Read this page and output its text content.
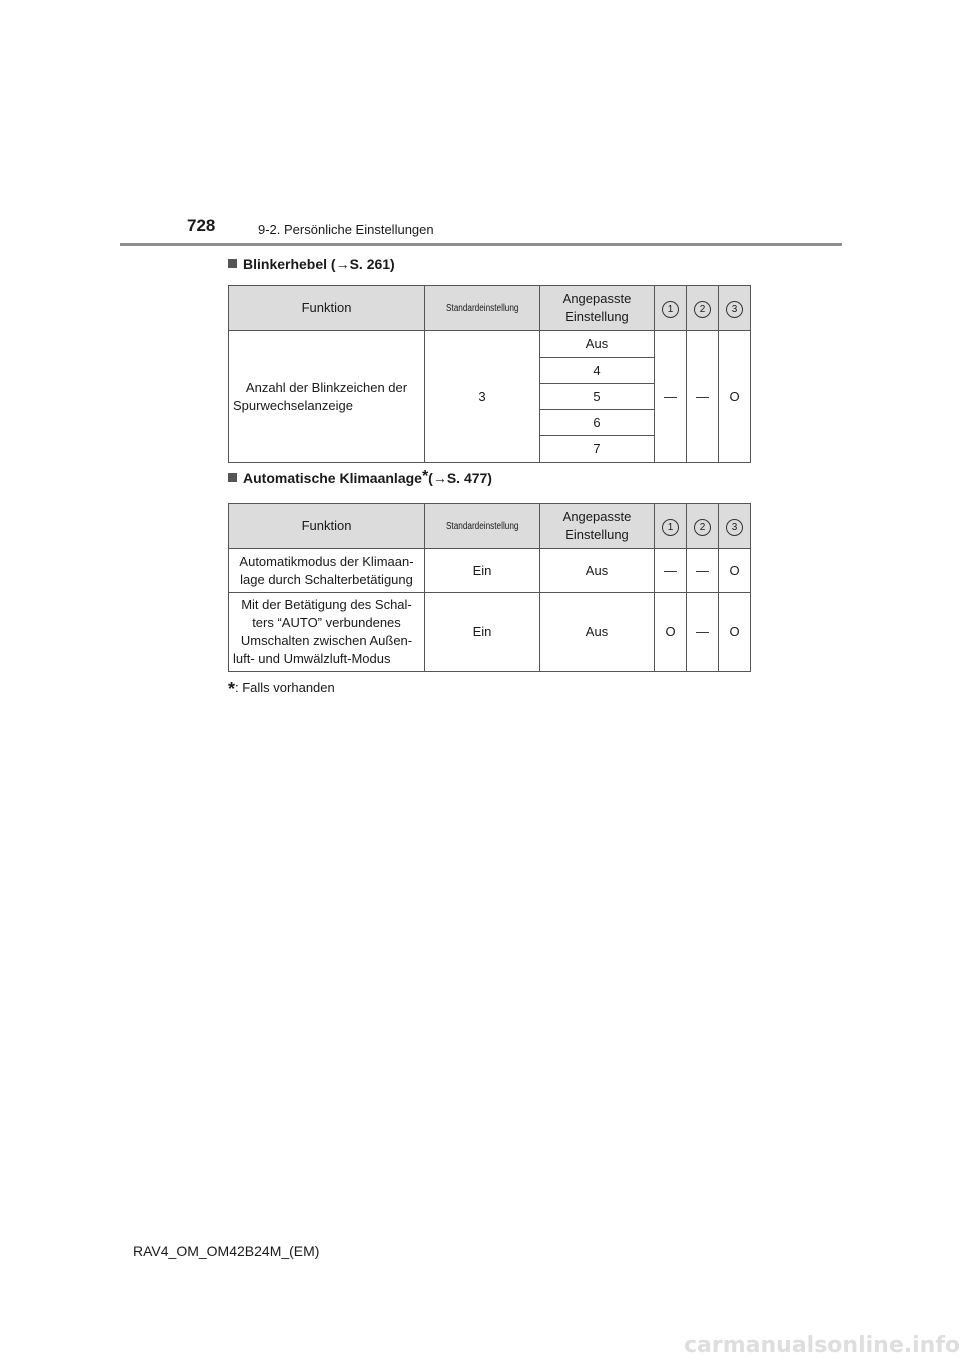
728	9-2. Persönliche Einstellungen
Blinkerhebel (→S. 261)
Funktion	Standardeinstellung	Angepasste Einstellung	1	2	3
Anzahl der Blinkzeichen der Spurwechselanzeige	3	Aus	—	—	O
		4			
		5			
		6			
		7			
Automatische Klimaanlage* (→S. 477)
Funktion	Standardeinstellung	Angepasste Einstellung	1	2	3
Automatikmodus der Klimaan-lage durch Schalterbetätigung	Ein	Aus	—	—	O
Mit der Betätigung des Schal-ters “AUTO” verbundenes Umschalten zwischen Außen-luft- und Umwälzluft-Modus	Ein	Aus	O	—	O
*: Falls vorhanden
RAV4_OM_OM42B24M_(EM)
carmanualsonline.info
